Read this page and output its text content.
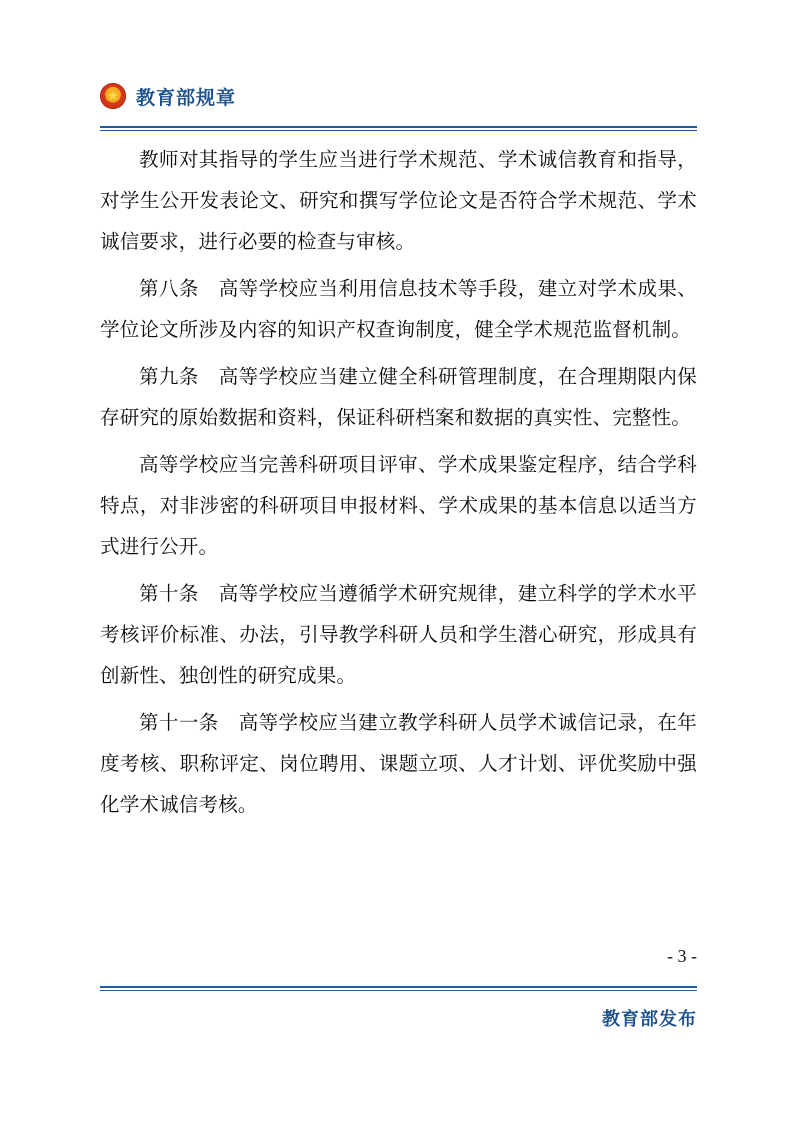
★
教育部规章

教师对其指导的学生应当进行学术规范、学术诚信教育和指导，对学生公开发表论文、研究和撰写学位论文是否符合学术规范、学术诚信要求，进行必要的检查与审核。

第八条 高等学校应当利用信息技术等手段，建立对学术成果、学位论文所涉及内容的知识产权查询制度，健全学术规范监督机制。

第九条 高等学校应当建立健全科研管理制度，在合理期限内保存研究的原始数据和资料，保证科研档案和数据的真实性、完整性。

高等学校应当完善科研项目评审、学术成果鉴定程序，结合学科特点，对非涉密的科研项目申报材料、学术成果的基本信息以适当方式进行公开。

第十条 高等学校应当遵循学术研究规律，建立科学的学术水平考核评价标准、办法，引导教学科研人员和学生潜心研究，形成具有创新性、独创性的研究成果。

第十一条 高等学校应当建立教学科研人员学术诚信记录，在年度考核、职称评定、岗位聘用、课题立项、人才计划、评优奖励中强化学术诚信考核。

- 3 -
教育部发布
